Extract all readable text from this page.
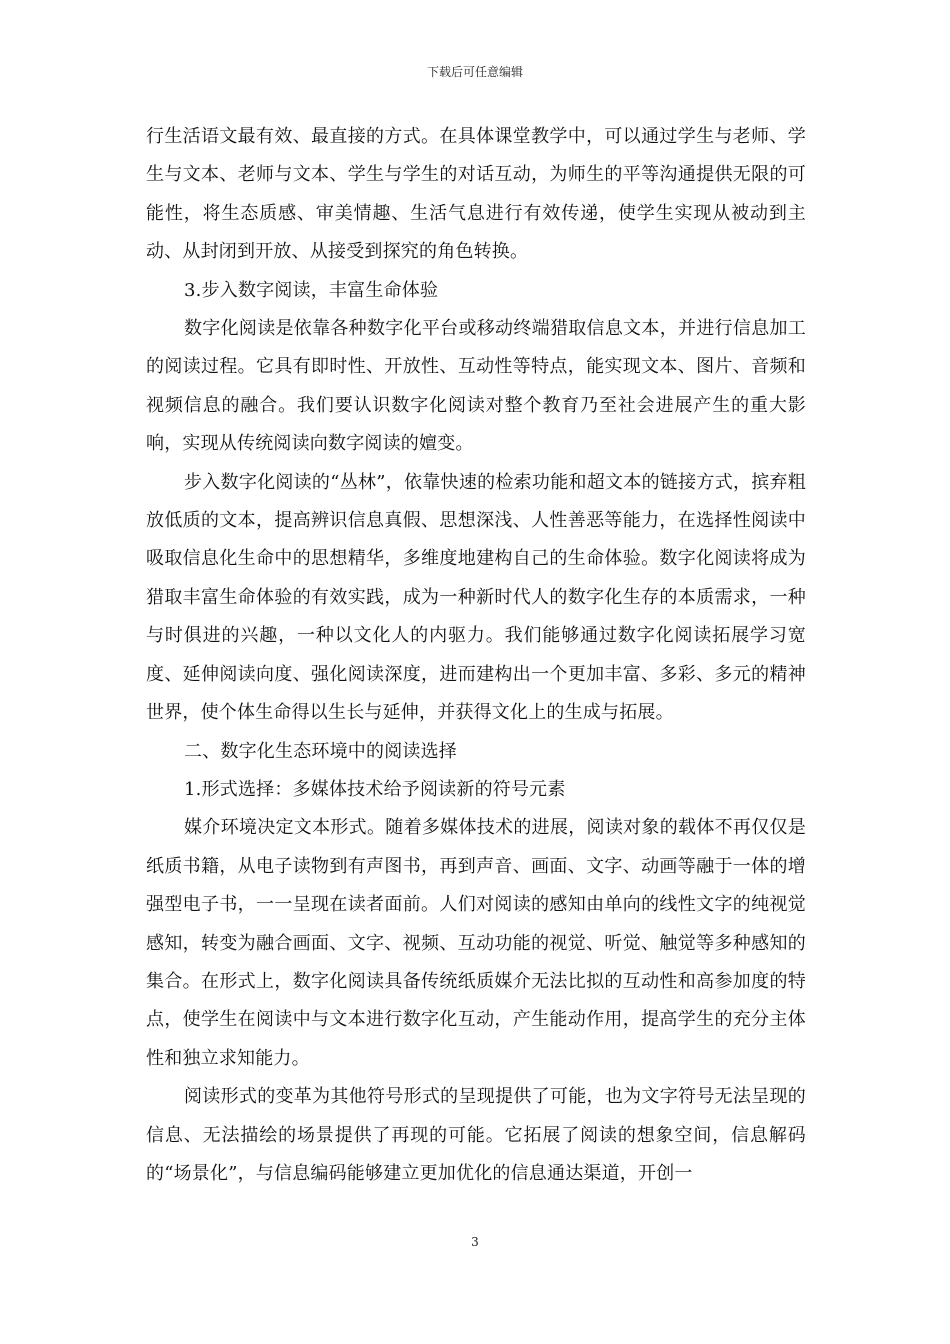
下载后可任意编辑

行生活语文最有效、最直接的方式。在具体课堂教学中，可以通过学生与老师、学生与文本、老师与文本、学生与学生的对话互动，为师生的平等沟通提供无限的可能性，将生态质感、审美情趣、生活气息进行有效传递，使学生实现从被动到主动、从封闭到开放、从接受到探究的角色转换。

3.步入数字阅读，丰富生命体验

数字化阅读是依靠各种数字化平台或移动终端猎取信息文本，并进行信息加工的阅读过程。它具有即时性、开放性、互动性等特点，能实现文本、图片、音频和视频信息的融合。我们要认识数字化阅读对整个教育乃至社会进展产生的重大影响，实现从传统阅读向数字阅读的嬗变。

步入数字化阅读的“丛林”，依靠快速的检索功能和超文本的链接方式，摈弃粗放低质的文本，提高辨识信息真假、思想深浅、人性善恶等能力，在选择性阅读中吸取信息化生命中的思想精华，多维度地建构自己的生命体验。数字化阅读将成为猎取丰富生命体验的有效实践，成为一种新时代人的数字化生存的本质需求，一种与时俱进的兴趣，一种以文化人的内驱力。我们能够通过数字化阅读拓展学习宽度、延伸阅读向度、强化阅读深度，进而建构出一个更加丰富、多彩、多元的精神世界，使个体生命得以生长与延伸，并获得文化上的生成与拓展。

二、数字化生态环境中的阅读选择

1.形式选择：多媒体技术给予阅读新的符号元素

媒介环境决定文本形式。随着多媒体技术的进展，阅读对象的载体不再仅仅是纸质书籍，从电子读物到有声图书，再到声音、画面、文字、动画等融于一体的增强型电子书，一一呈现在读者面前。人们对阅读的感知由单向的线性文字的纯视觉感知，转变为融合画面、文字、视频、互动功能的视觉、听觉、触觉等多种感知的集合。在形式上，数字化阅读具备传统纸质媒介无法比拟的互动性和高参加度的特点，使学生在阅读中与文本进行数字化互动，产生能动作用，提高学生的充分主体性和独立求知能力。

阅读形式的变革为其他符号形式的呈现提供了可能，也为文字符号无法呈现的信息、无法描绘的场景提供了再现的可能。它拓展了阅读的想象空间，信息解码的“场景化”，与信息编码能够建立更加优化的信息通达渠道，开创一

3
